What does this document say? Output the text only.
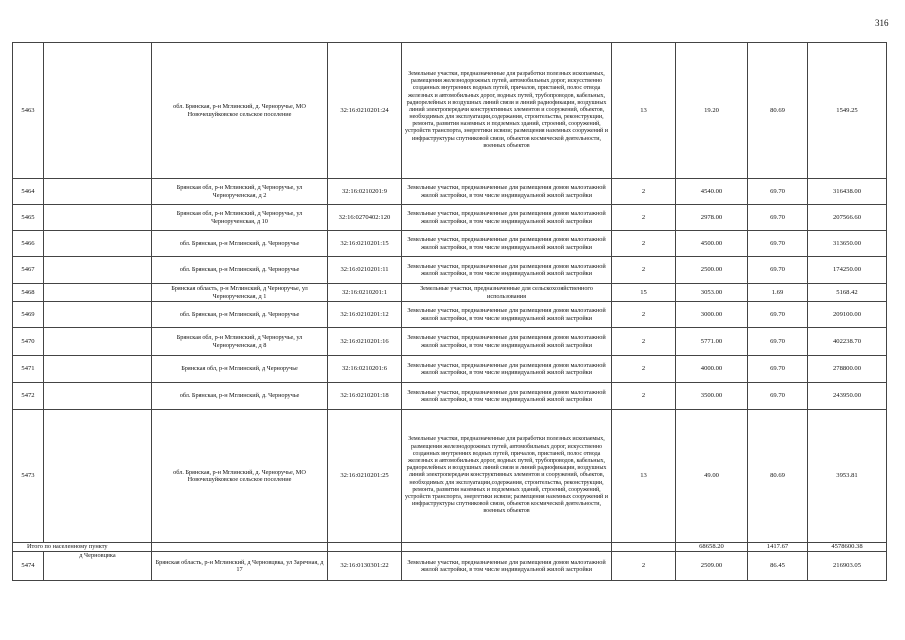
316
5463		обл. Брянская, р-н Мглинский, д. Черноручье, МО Новочешуйковское сельское поселение	32:16:0210201:24	Земельные участки, предназначенные для разработки полезных ископаемых, размещения железнодорожных путей, автомобильных дорог, искусственно созданных внутренних водных путей, причалов, пристаней, полос отвода железных и автомобильных дорог, водных путей, трубопроводов, кабельных, радиорелейных и воздушных линий связи и линий радиофикации, воздушных линий электропередачи конструктивных элементов и сооружений, объектов, необходимых для эксплуатации,содержания, строительства, реконструкции, ремонта, развития наземных и подземных зданий, строений, сооружений, устройств транспорта, энергетики исвязи; размещения наземных сооружений и инфраструктуры спутниковой связи, объектов космической деятельности, военных объектов	13	19.20	80.69	1549.25
5464		Брянская обл, р-н Мглинский, д Черноручье, ул Чернорученская, д 2	32:16:0210201:9	Земельные участки, предназначенные для размещения домов малоэтажной жилой застройки, в том числе индивидуальной жилой застройки	2	4540.00	69.70	316438.00
5465		Брянская обл, р-н Мглинский, д Черноручье, ул Чернорученская, д 10	32:16:0270402:120	Земельные участки, предназначенные для размещения домов малоэтажной жилой застройки, в том числе индивидуальной жилой застройки	2	2978.00	69.70	207566.60
5466		обл. Брянская, р-н Мглинский, д. Черноручье	32:16:0210201:15	Земельные участки, предназначенные для размещения домов малоэтажной жилой застройки, в том числе индивидуальной жилой застройки	2	4500.00	69.70	313650.00
5467		обл. Брянская, р-н Мглинский, д. Черноручье	32:16:0210201:11	Земельные участки, предназначенные для размещения домов малоэтажной жилой застройки, в том числе индивидуальной жилой застройки	2	2500.00	69.70	174250.00
5468		Брянская область, р-н Мглинский, д Черноручье, ул Чернорученская, д 1	32:16:0210201:1	Земельные участки, предназначенные для сельскохозяйственного использования	15	3053.00	1.69	5168.42
5469		обл. Брянская, р-н Мглинский, д. Черноручье	32:16:0210201:12	Земельные участки, предназначенные для размещения домов малоэтажной жилой застройки, в том числе индивидуальной жилой застройки	2	3000.00	69.70	209100.00
5470		Брянская обл, р-н Мглинский, д Черноручье, ул Чернорученская, д 8	32:16:0210201:16	Земельные участки, предназначенные для размещения домов малоэтажной жилой застройки, в том числе индивидуальной жилой застройки	2	5771.00	69.70	402238.70
5471		Брянская обл, р-н Мглинский, д Черноручье	32:16:0210201:6	Земельные участки, предназначенные для размещения домов малоэтажной жилой застройки, в том числе индивидуальной жилой застройки	2	4000.00	69.70	278800.00
5472		обл. Брянская, р-н Мглинский, д. Черноручье	32:16:0210201:18	Земельные участки, предназначенные для размещения домов малоэтажной жилой застройки, в том числе индивидуальной жилой застройки	2	3500.00	69.70	243950.00
5473		обл. Брянская, р-н Мглинский, д. Черноручье, МО Новочешуйковское сельское поселение	32:16:0210201:25	Земельные участки, предназначенные для разработки полезных ископаемых, размещения железнодорожных путей, автомобильных дорог, искусственно созданных внутренних водных путей, причалов, пристаней, полос отвода железных и автомобильных дорог, водных путей, трубопроводов, кабельных, радиорелейных и воздушных линий связи и линий радиофикации, воздушных линий электропередачи конструктивных элементов и сооружений, объектов, необходимых для эксплуатации,содержания, строительства, реконструкции, ремонта, развития наземных и подземных зданий, строений, сооружений, устройств транспорта, энергетики исвязи; размещения наземных сооружений и инфраструктуры спутниковой связи, объектов космической деятельности, военных объектов	13	49.00	80.69	3953.81
Итого по населенному пункту						68658.20	1417.67	4578600.38
5474	д Черновцвка	Брянская область, р-н Мглинский, д Черновцвка, ул Заречная, д 17	32:16:0130301:22	Земельные участки, предназначенные для размещения домов малоэтажной жилой застройки, в том числе индивидуальной жилой застройки	2	2509.00	86.45	216903.05
